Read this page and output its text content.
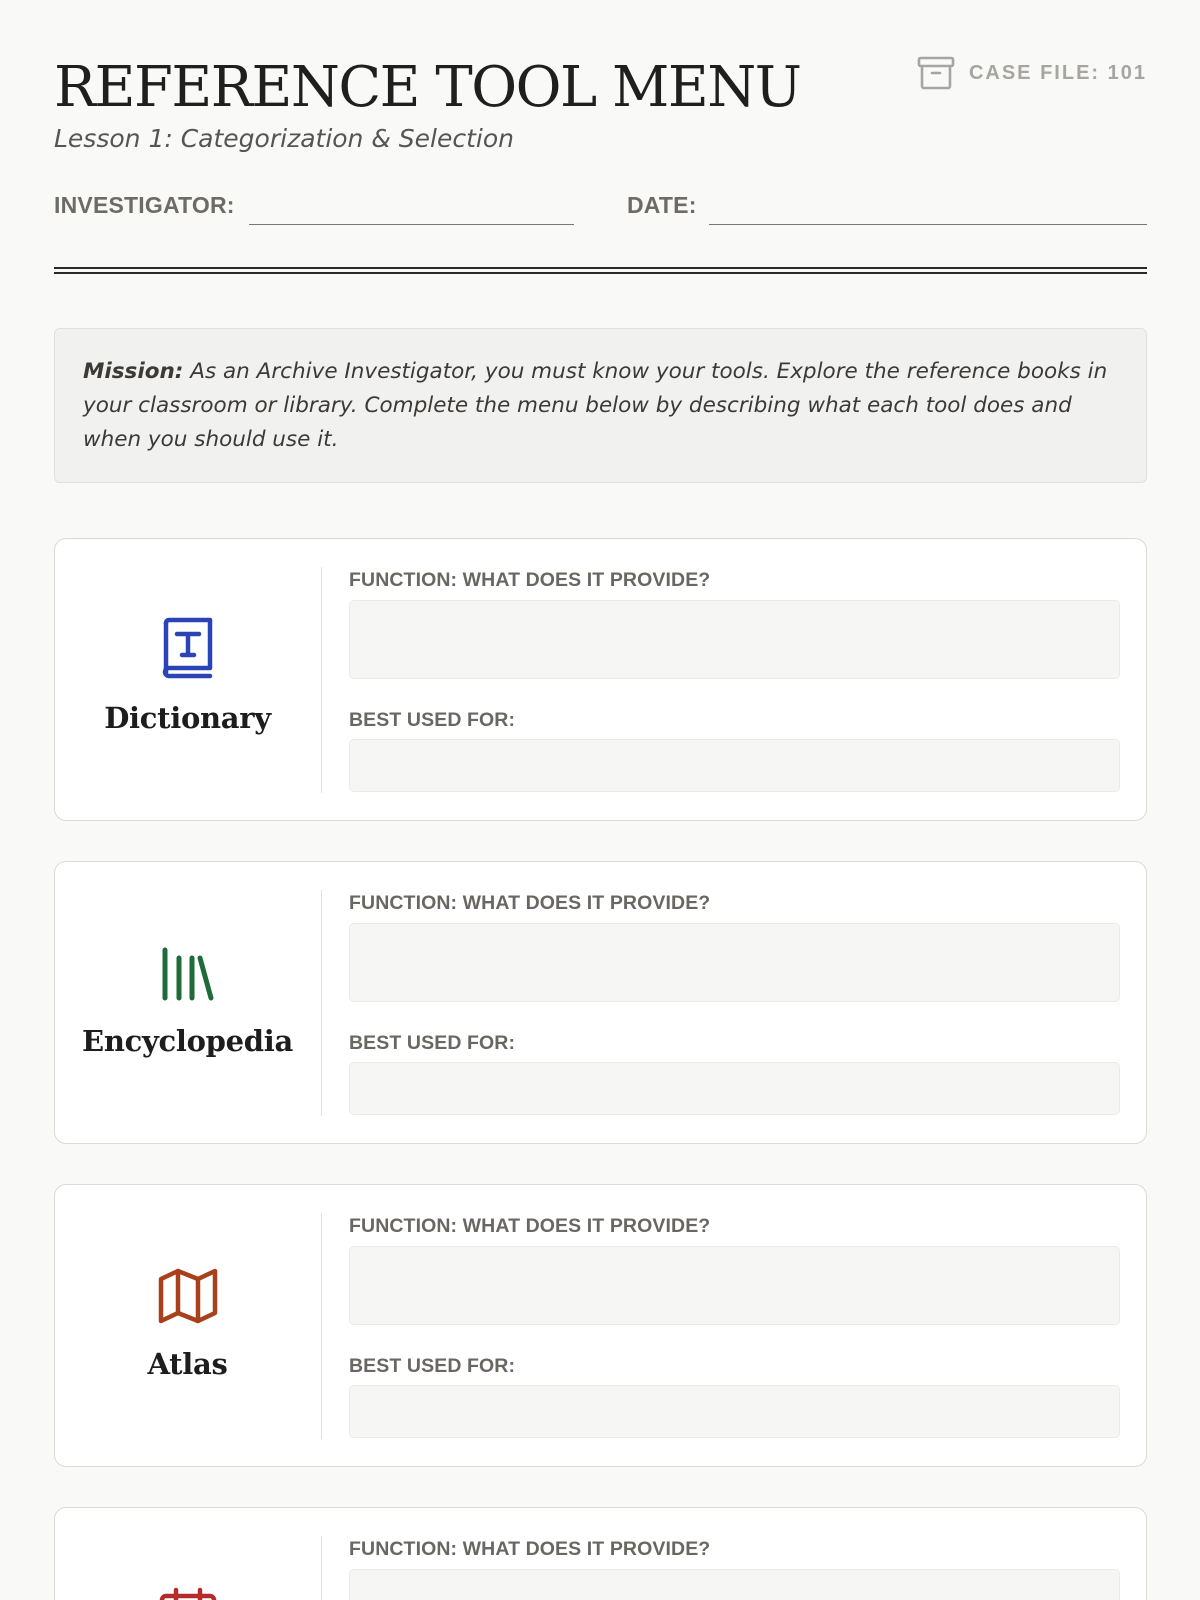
REFERENCE TOOL MENU
Lesson 1: Categorization & Selection
CASE FILE: 101
INVESTIGATOR:	DATE:
Mission: As an Archive Investigator, you must know your tools. Explore the reference books in your classroom or library. Complete the menu below by describing what each tool does and when you should use it.
Dictionary
FUNCTION: WHAT DOES IT PROVIDE?
BEST USED FOR:
Encyclopedia
FUNCTION: WHAT DOES IT PROVIDE?
BEST USED FOR:
Atlas
FUNCTION: WHAT DOES IT PROVIDE?
BEST USED FOR:
FUNCTION: WHAT DOES IT PROVIDE?
